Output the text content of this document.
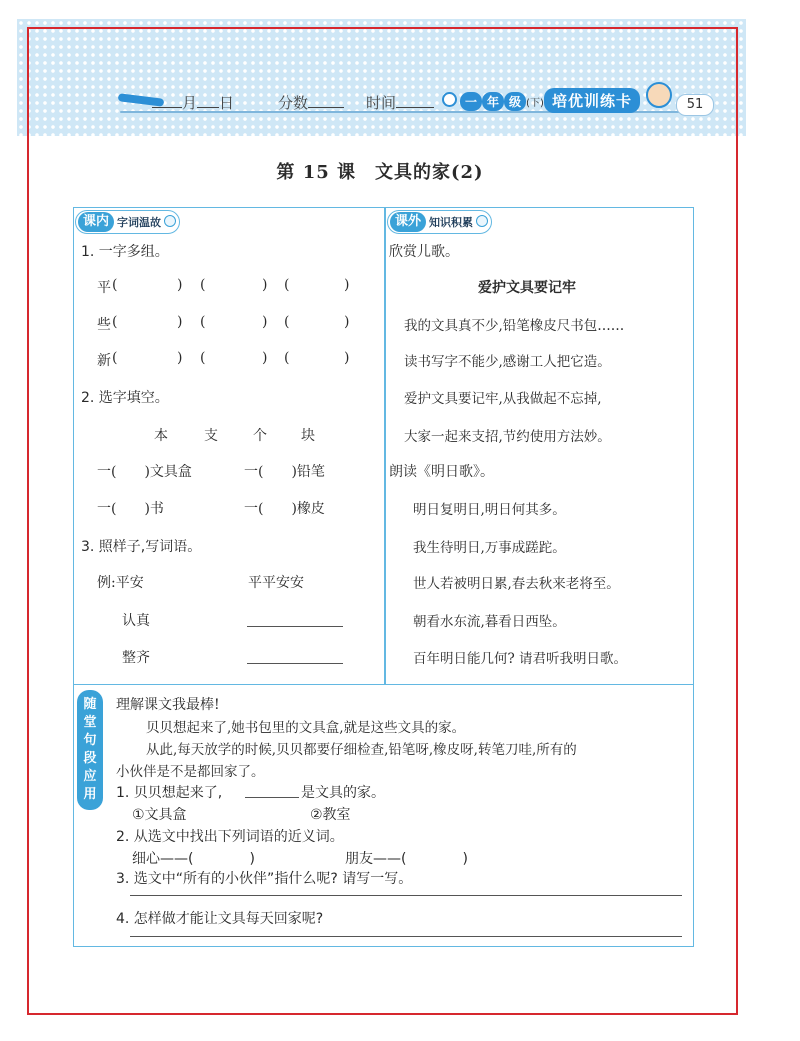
月 日	分数	时间	一 年 级 (下) 培优训练卡	51
第 15 课　文具的家(2)
课内 字词温故
1. 一字多组。
平 (	) (	) (	)
些 (	) (	) (	)
新 (	) (	) (	)
2. 选字填空。
本	支	个 块
一(　　)文具盒	一(　　)铅笔
一(　　)书	一(　　)橡皮
3. 照样子,写词语。
例:平安	平平安安
认真
整齐
课外 知识积累
欣赏儿歌。
爱护文具要记牢
我的文具真不少,铅笔橡皮尺书包……
读书写字不能少,感谢工人把它造。
爱护文具要记牢,从我做起不忘掉,
大家一起来支招,节约使用方法妙。
朗读《明日歌》。
明日复明日,明日何其多。
我生待明日,万事成蹉跎。
世人若被明日累,春去秋来老将至。
朝看水东流,暮看日西坠。
百年明日能几何? 请君听我明日歌。
随
堂
句
段
应
用
理解课文我最棒!
贝贝想起来了,她书包里的文具盒,就是这些文具的家。
从此,每天放学的时候,贝贝都要仔细检查,铅笔呀,橡皮呀,转笔刀哇,所有的
小伙伴是不是都回家了。
1. 贝贝想起来了,	是文具的家。
①文具盒	②教室
2. 从选文中找出下列词语的近义词。
细心——(　　　　)	朋友——(　　　　)
3. 选文中“所有的小伙伴”指什么呢? 请写一写。
4. 怎样做才能让文具每天回家呢?
